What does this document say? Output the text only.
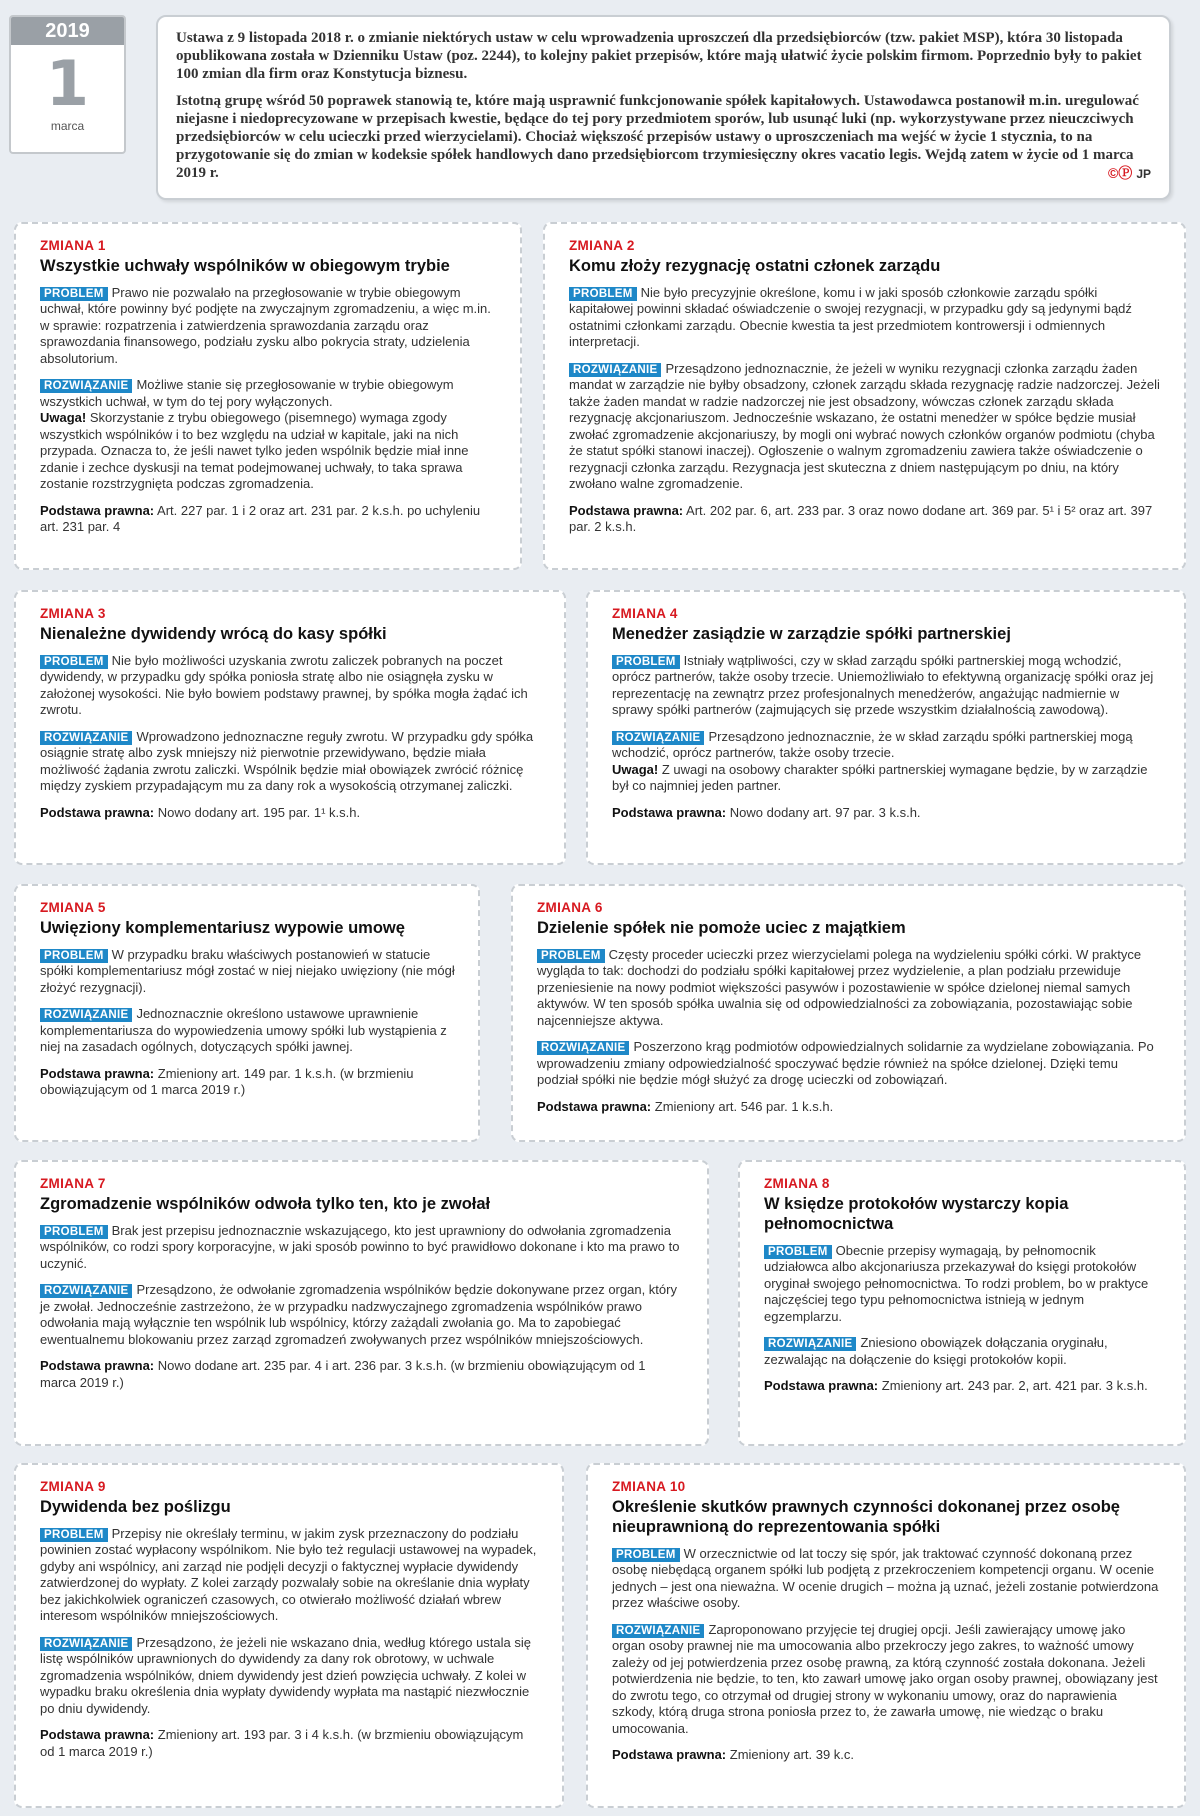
2019
1
marca

Ustawa z 9 listopada 2018 r. o zmianie niektórych ustaw w celu wprowadzenia uproszczeń dla przedsiębiorców (tzw. pakiet MSP), która 30 listopada opublikowana została w Dzienniku Ustaw (poz. 2244), to kolejny pakiet przepisów, które mają ułatwić życie polskim firmom. Poprzednio były to pakiet 100 zmian dla firm oraz Konstytucja biznesu.

Istotną grupę wśród 50 poprawek stanowią te, które mają usprawnić funkcjonowanie spółek kapitałowych. Ustawodawca postanowił m.in. uregulować niejasne i niedoprecyzowane w przepisach kwestie, będące do tej pory przedmiotem sporów, lub usunąć luki (np. wykorzystywane przez nieuczciwych przedsiębiorców w celu ucieczki przed wierzycielami). Chociaż większość przepisów ustawy o uproszczeniach ma wejść w życie 1 stycznia, to na przygotowanie się do zmian w kodeksie spółek handlowych dano przedsiębiorcom trzymiesięczny okres vacatio legis. Wejdą zatem w życie od 1 marca 2019 r.	©Ⓟ JP

ZMIANA 1
Wszystkie uchwały wspólników w obiegowym trybie

PROBLEM Prawo nie pozwalało na przegłosowanie w trybie obiegowym uchwał, które powinny być podjęte na zwyczajnym zgromadzeniu, a więc m.in. w sprawie: rozpatrzenia i zatwierdzenia sprawozdania zarządu oraz sprawozdania finansowego, podziału zysku albo pokrycia straty, udzielenia absolutorium.

ROZWIĄZANIE Możliwe stanie się przegłosowanie w trybie obiegowym wszystkich uchwał, w tym do tej pory wyłączonych.
Uwaga! Skorzystanie z trybu obiegowego (pisemnego) wymaga zgody wszystkich wspólników i to bez względu na udział w kapitale, jaki na nich przypada. Oznacza to, że jeśli nawet tylko jeden wspólnik będzie miał inne zdanie i zechce dyskusji na temat podejmowanej uchwały, to taka sprawa zostanie rozstrzygnięta podczas zgromadzenia.

Podstawa prawna: Art. 227 par. 1 i 2 oraz art. 231 par. 2 k.s.h. po uchyleniu art. 231 par. 4

ZMIANA 2
Komu złoży rezygnację ostatni członek zarządu

PROBLEM Nie było precyzyjnie określone, komu i w jaki sposób członkowie zarządu spółki kapitałowej powinni składać oświadczenie o swojej rezygnacji, w przypadku gdy są jedynymi bądź ostatnimi członkami zarządu. Obecnie kwestia ta jest przedmiotem kontrowersji i odmiennych interpretacji.

ROZWIĄZANIE Przesądzono jednoznacznie, że jeżeli w wyniku rezygnacji członka zarządu żaden mandat w zarządzie nie byłby obsadzony, członek zarządu składa rezygnację radzie nadzorczej. Jeżeli także żaden mandat w radzie nadzorczej nie jest obsadzony, wówczas członek zarządu składa rezygnację akcjonariuszom. Jednocześnie wskazano, że ostatni menedżer w spółce będzie musiał zwołać zgromadzenie akcjonariuszy, by mogli oni wybrać nowych członków organów podmiotu (chyba że statut spółki stanowi inaczej). Ogłoszenie o walnym zgromadzeniu zawiera także oświadczenie o rezygnacji członka zarządu. Rezygnacja jest skuteczna z dniem następującym po dniu, na który zwołano walne zgromadzenie.

Podstawa prawna: Art. 202 par. 6, art. 233 par. 3 oraz nowo dodane art. 369 par. 5¹ i 5² oraz art. 397 par. 2 k.s.h.

ZMIANA 3
Nienależne dywidendy wrócą do kasy spółki

PROBLEM Nie było możliwości uzyskania zwrotu zaliczek pobranych na poczet dywidendy, w przypadku gdy spółka poniosła stratę albo nie osiągnęła zysku w założonej wysokości. Nie było bowiem podstawy prawnej, by spółka mogła żądać ich zwrotu.

ROZWIĄZANIE Wprowadzono jednoznaczne reguły zwrotu. W przypadku gdy spółka osiągnie stratę albo zysk mniejszy niż pierwotnie przewidywano, będzie miała możliwość żądania zwrotu zaliczki. Wspólnik będzie miał obowiązek zwrócić różnicę między zyskiem przypadającym mu za dany rok a wysokością otrzymanej zaliczki.

Podstawa prawna: Nowo dodany art. 195 par. 1¹ k.s.h.

ZMIANA 4
Menedżer zasiądzie w zarządzie spółki partnerskiej

PROBLEM Istniały wątpliwości, czy w skład zarządu spółki partnerskiej mogą wchodzić, oprócz partnerów, także osoby trzecie. Uniemożliwiało to efektywną organizację spółki oraz jej reprezentację na zewnątrz przez profesjonalnych menedżerów, angażując nadmiernie w sprawy spółki partnerów (zajmujących się przede wszystkim działalnością zawodową).

ROZWIĄZANIE Przesądzono jednoznacznie, że w skład zarządu spółki partnerskiej mogą wchodzić, oprócz partnerów, także osoby trzecie.
Uwaga! Z uwagi na osobowy charakter spółki partnerskiej wymagane będzie, by w zarządzie był co najmniej jeden partner.

Podstawa prawna: Nowo dodany art. 97 par. 3 k.s.h.

ZMIANA 5
Uwięziony komplementariusz wypowie umowę

PROBLEM W przypadku braku właściwych postanowień w statucie spółki komplementariusz mógł zostać w niej niejako uwięziony (nie mógł złożyć rezygnacji).

ROZWIĄZANIE Jednoznacznie określono ustawowe uprawnienie komplementariusza do wypowiedzenia umowy spółki lub wystąpienia z niej na zasadach ogólnych, dotyczących spółki jawnej.

Podstawa prawna: Zmieniony art. 149 par. 1 k.s.h. (w brzmieniu obowiązującym od 1 marca 2019 r.)

ZMIANA 6
Dzielenie spółek nie pomoże uciec z majątkiem

PROBLEM Częsty proceder ucieczki przez wierzycielami polega na wydzieleniu spółki córki. W praktyce wygląda to tak: dochodzi do podziału spółki kapitałowej przez wydzielenie, a plan podziału przewiduje przeniesienie na nowy podmiot większości pasywów i pozostawienie w spółce dzielonej niemal samych aktywów. W ten sposób spółka uwalnia się od odpowiedzialności za zobowiązania, pozostawiając sobie najcenniejsze aktywa.

ROZWIĄZANIE Poszerzono krąg podmiotów odpowiedzialnych solidarnie za wydzielane zobowiązania. Po wprowadzeniu zmiany odpowiedzialność spoczywać będzie również na spółce dzielonej. Dzięki temu podział spółki nie będzie mógł służyć za drogę ucieczki od zobowiązań.

Podstawa prawna: Zmieniony art. 546 par. 1 k.s.h.

ZMIANA 7
Zgromadzenie wspólników odwoła tylko ten, kto je zwołał

PROBLEM Brak jest przepisu jednoznacznie wskazującego, kto jest uprawniony do odwołania zgromadzenia wspólników, co rodzi spory korporacyjne, w jaki sposób powinno to być prawidłowo dokonane i kto ma prawo to uczynić.

ROZWIĄZANIE Przesądzono, że odwołanie zgromadzenia wspólników będzie dokonywane przez organ, który je zwołał. Jednocześnie zastrzeżono, że w przypadku nadzwyczajnego zgromadzenia wspólników prawo odwołania mają wyłącznie ten wspólnik lub wspólnicy, którzy zażądali zwołania go. Ma to zapobiegać ewentualnemu blokowaniu przez zarząd zgromadzeń zwoływanych przez wspólników mniejszościowych.

Podstawa prawna: Nowo dodane art. 235 par. 4 i art. 236 par. 3 k.s.h. (w brzmieniu obowiązującym od 1 marca 2019 r.)

ZMIANA 8
W księdze protokołów wystarczy kopia pełnomocnictwa

PROBLEM Obecnie przepisy wymagają, by pełnomocnik udziałowca albo akcjonariusza przekazywał do księgi protokołów oryginał swojego pełnomocnictwa. To rodzi problem, bo w praktyce najczęściej tego typu pełnomocnictwa istnieją w jednym egzemplarzu.

ROZWIĄZANIE Zniesiono obowiązek dołączania oryginału, zezwalając na dołączenie do księgi protokołów kopii.

Podstawa prawna: Zmieniony art. 243 par. 2, art. 421 par. 3 k.s.h.

ZMIANA 9
Dywidenda bez poślizgu

PROBLEM Przepisy nie określały terminu, w jakim zysk przeznaczony do podziału powinien zostać wypłacony wspólnikom. Nie było też regulacji ustawowej na wypadek, gdyby ani wspólnicy, ani zarząd nie podjęli decyzji o faktycznej wypłacie dywidendy zatwierdzonej do wypłaty. Z kolei zarządy pozwalały sobie na określanie dnia wypłaty bez jakichkolwiek ograniczeń czasowych, co otwierało możliwość działań wbrew interesom wspólników mniejszościowych.

ROZWIĄZANIE Przesądzono, że jeżeli nie wskazano dnia, według którego ustala się listę wspólników uprawnionych do dywidendy za dany rok obrotowy, w uchwale zgromadzenia wspólników, dniem dywidendy jest dzień powzięcia uchwały. Z kolei w wypadku braku określenia dnia wypłaty dywidendy wypłata ma nastąpić niezwłocznie po dniu dywidendy.

Podstawa prawna: Zmieniony art. 193 par. 3 i 4 k.s.h. (w brzmieniu obowiązującym od 1 marca 2019 r.)

ZMIANA 10
Określenie skutków prawnych czynności dokonanej przez osobę nieuprawnioną do reprezentowania spółki

PROBLEM W orzecznictwie od lat toczy się spór, jak traktować czynność dokonaną przez osobę niebędącą organem spółki lub podjętą z przekroczeniem kompetencji organu. W ocenie jednych – jest ona nieważna. W ocenie drugich – można ją uznać, jeżeli zostanie potwierdzona przez właściwe osoby.

ROZWIĄZANIE Zaproponowano przyjęcie tej drugiej opcji. Jeśli zawierający umowę jako organ osoby prawnej nie ma umocowania albo przekroczy jego zakres, to ważność umowy zależy od jej potwierdzenia przez osobę prawną, za którą czynność została dokonana. Jeżeli potwierdzenia nie będzie, to ten, kto zawarł umowę jako organ osoby prawnej, obowiązany jest do zwrotu tego, co otrzymał od drugiej strony w wykonaniu umowy, oraz do naprawienia szkody, którą druga strona poniosła przez to, że zawarła umowę, nie wiedząc o braku umocowania.

Podstawa prawna: Zmieniony art. 39 k.c.
